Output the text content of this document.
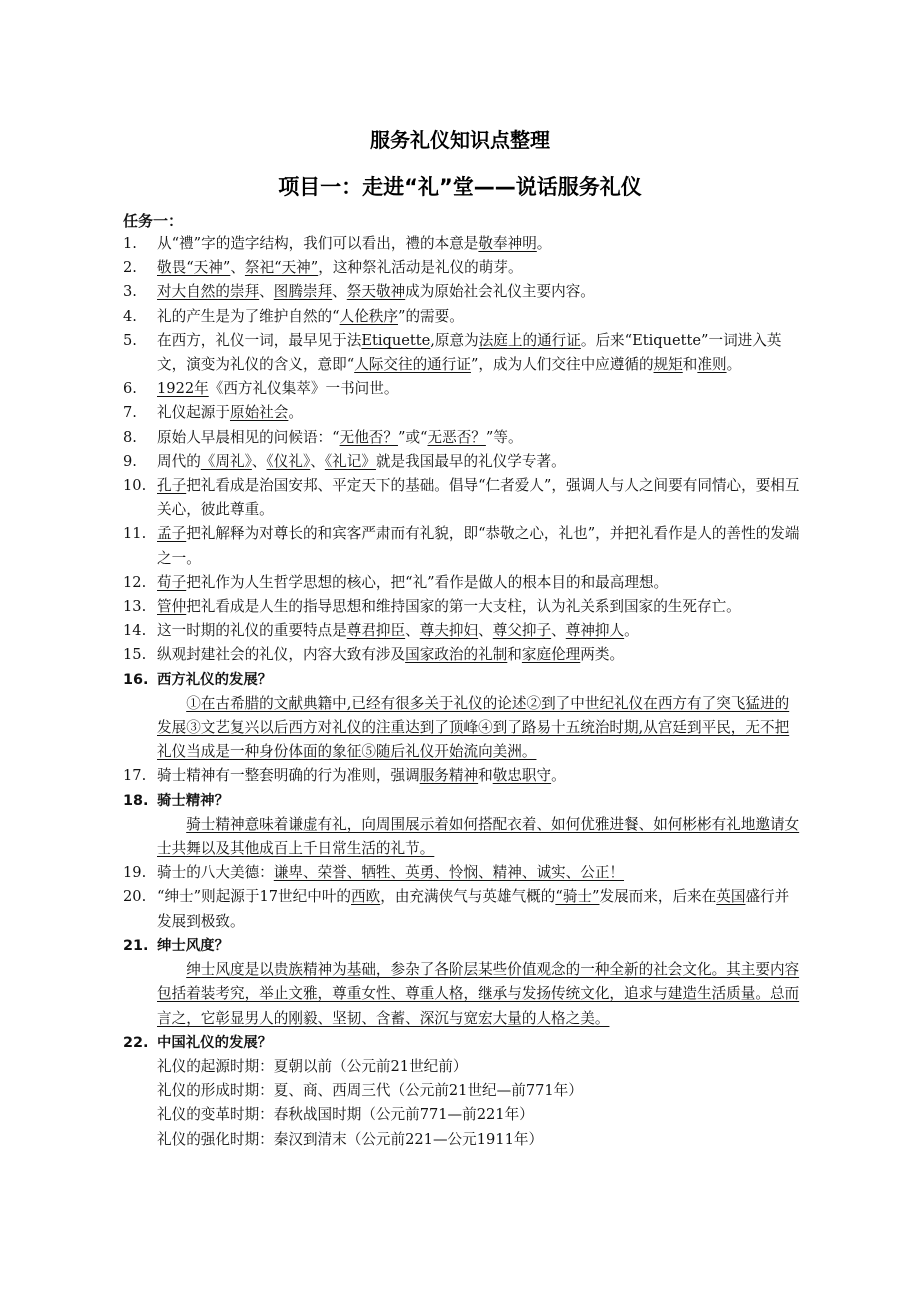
服务礼仪知识点整理
项目一：走进“礼”堂——说话服务礼仪
任务一：
1. 从“禮”字的造字结构，我们可以看出，禮的本意是敬奉神明。
2. 敬畏“天神”、祭祀“天神”，这种祭礼活动是礼仪的萌芽。
3. 对大自然的崇拜、图腾崇拜、祭天敬神成为原始社会礼仪主要内容。
4. 礼的产生是为了维护自然的“人伦秩序”的需要。
5. 在西方，礼仪一词，最早见于法Etiquette,原意为法庭上的通行证。后来“Etiquette”一词进入英文，演变为礼仪的含义，意即“人际交往的通行证”，成为人们交往中应遵循的规矩和准则。
6. 1922年《西方礼仪集萃》一书问世。
7. 礼仪起源于原始社会。
8. 原始人早晨相见的问候语：“无他否？”或“无恶否？”等。
9. 周代的《周礼》、《仪礼》、《礼记》就是我国最早的礼仪学专著。
10. 孔子把礼看成是治国安邦、平定天下的基础。倡导“仁者爱人”，强调人与人之间要有同情心，要相互关心，彼此尊重。
11. 孟子把礼解释为对尊长的和宾客严肃而有礼貌，即“恭敬之心，礼也”，并把礼看作是人的善性的发端之一。
12. 荀子把礼作为人生哲学思想的核心，把“礼”看作是做人的根本目的和最高理想。
13. 管仲把礼看成是人生的指导思想和维持国家的第一大支柱，认为礼关系到国家的生死存亡。
14. 这一时期的礼仪的重要特点是尊君抑臣、尊夫抑妇、尊父抑子、尊神抑人。
15. 纵观封建社会的礼仪，内容大致有涉及国家政治的礼制和家庭伦理两类。
16. 西方礼仪的发展？
①在古希腊的文献典籍中,已经有很多关于礼仪的论述②到了中世纪礼仪在西方有了突飞猛进的发展③文艺复兴以后西方对礼仪的注重达到了顶峰④到了路易十五统治时期,从宫廷到平民，无不把礼仪当成是一种身份体面的象征⑤随后礼仪开始流向美洲。
17. 骑士精神有一整套明确的行为准则，强调服务精神和敬忠职守。
18. 骑士精神？
骑士精神意味着谦虚有礼，向周围展示着如何搭配衣着、如何优雅进餐、如何彬彬有礼地邀请女士共舞以及其他成百上千日常生活的礼节。
19. 骑士的八大美德：谦卑、荣誉、牺牲、英勇、怜悯、精神、诚实、公正！
20. “绅士”则起源于17世纪中叶的西欧，由充满侠气与英雄气概的“骑士”发展而来，后来在英国盛行并发展到极致。
21. 绅士风度？
绅士风度是以贵族精神为基础，参杂了各阶层某些价值观念的一种全新的社会文化。其主要内容包括着装考究，举止文雅，尊重女性、尊重人格，继承与发扬传统文化，追求与建造生活质量。总而言之，它彰显男人的刚毅、坚韧、含蓄、深沉与宽宏大量的人格之美。
22. 中国礼仪的发展？
礼仪的起源时期：夏朝以前（公元前21世纪前）
礼仪的形成时期：夏、商、西周三代（公元前21世纪—前771年）
礼仪的变革时期：春秋战国时期（公元前771—前221年）
礼仪的强化时期：秦汉到清末（公元前221—公元1911年）
